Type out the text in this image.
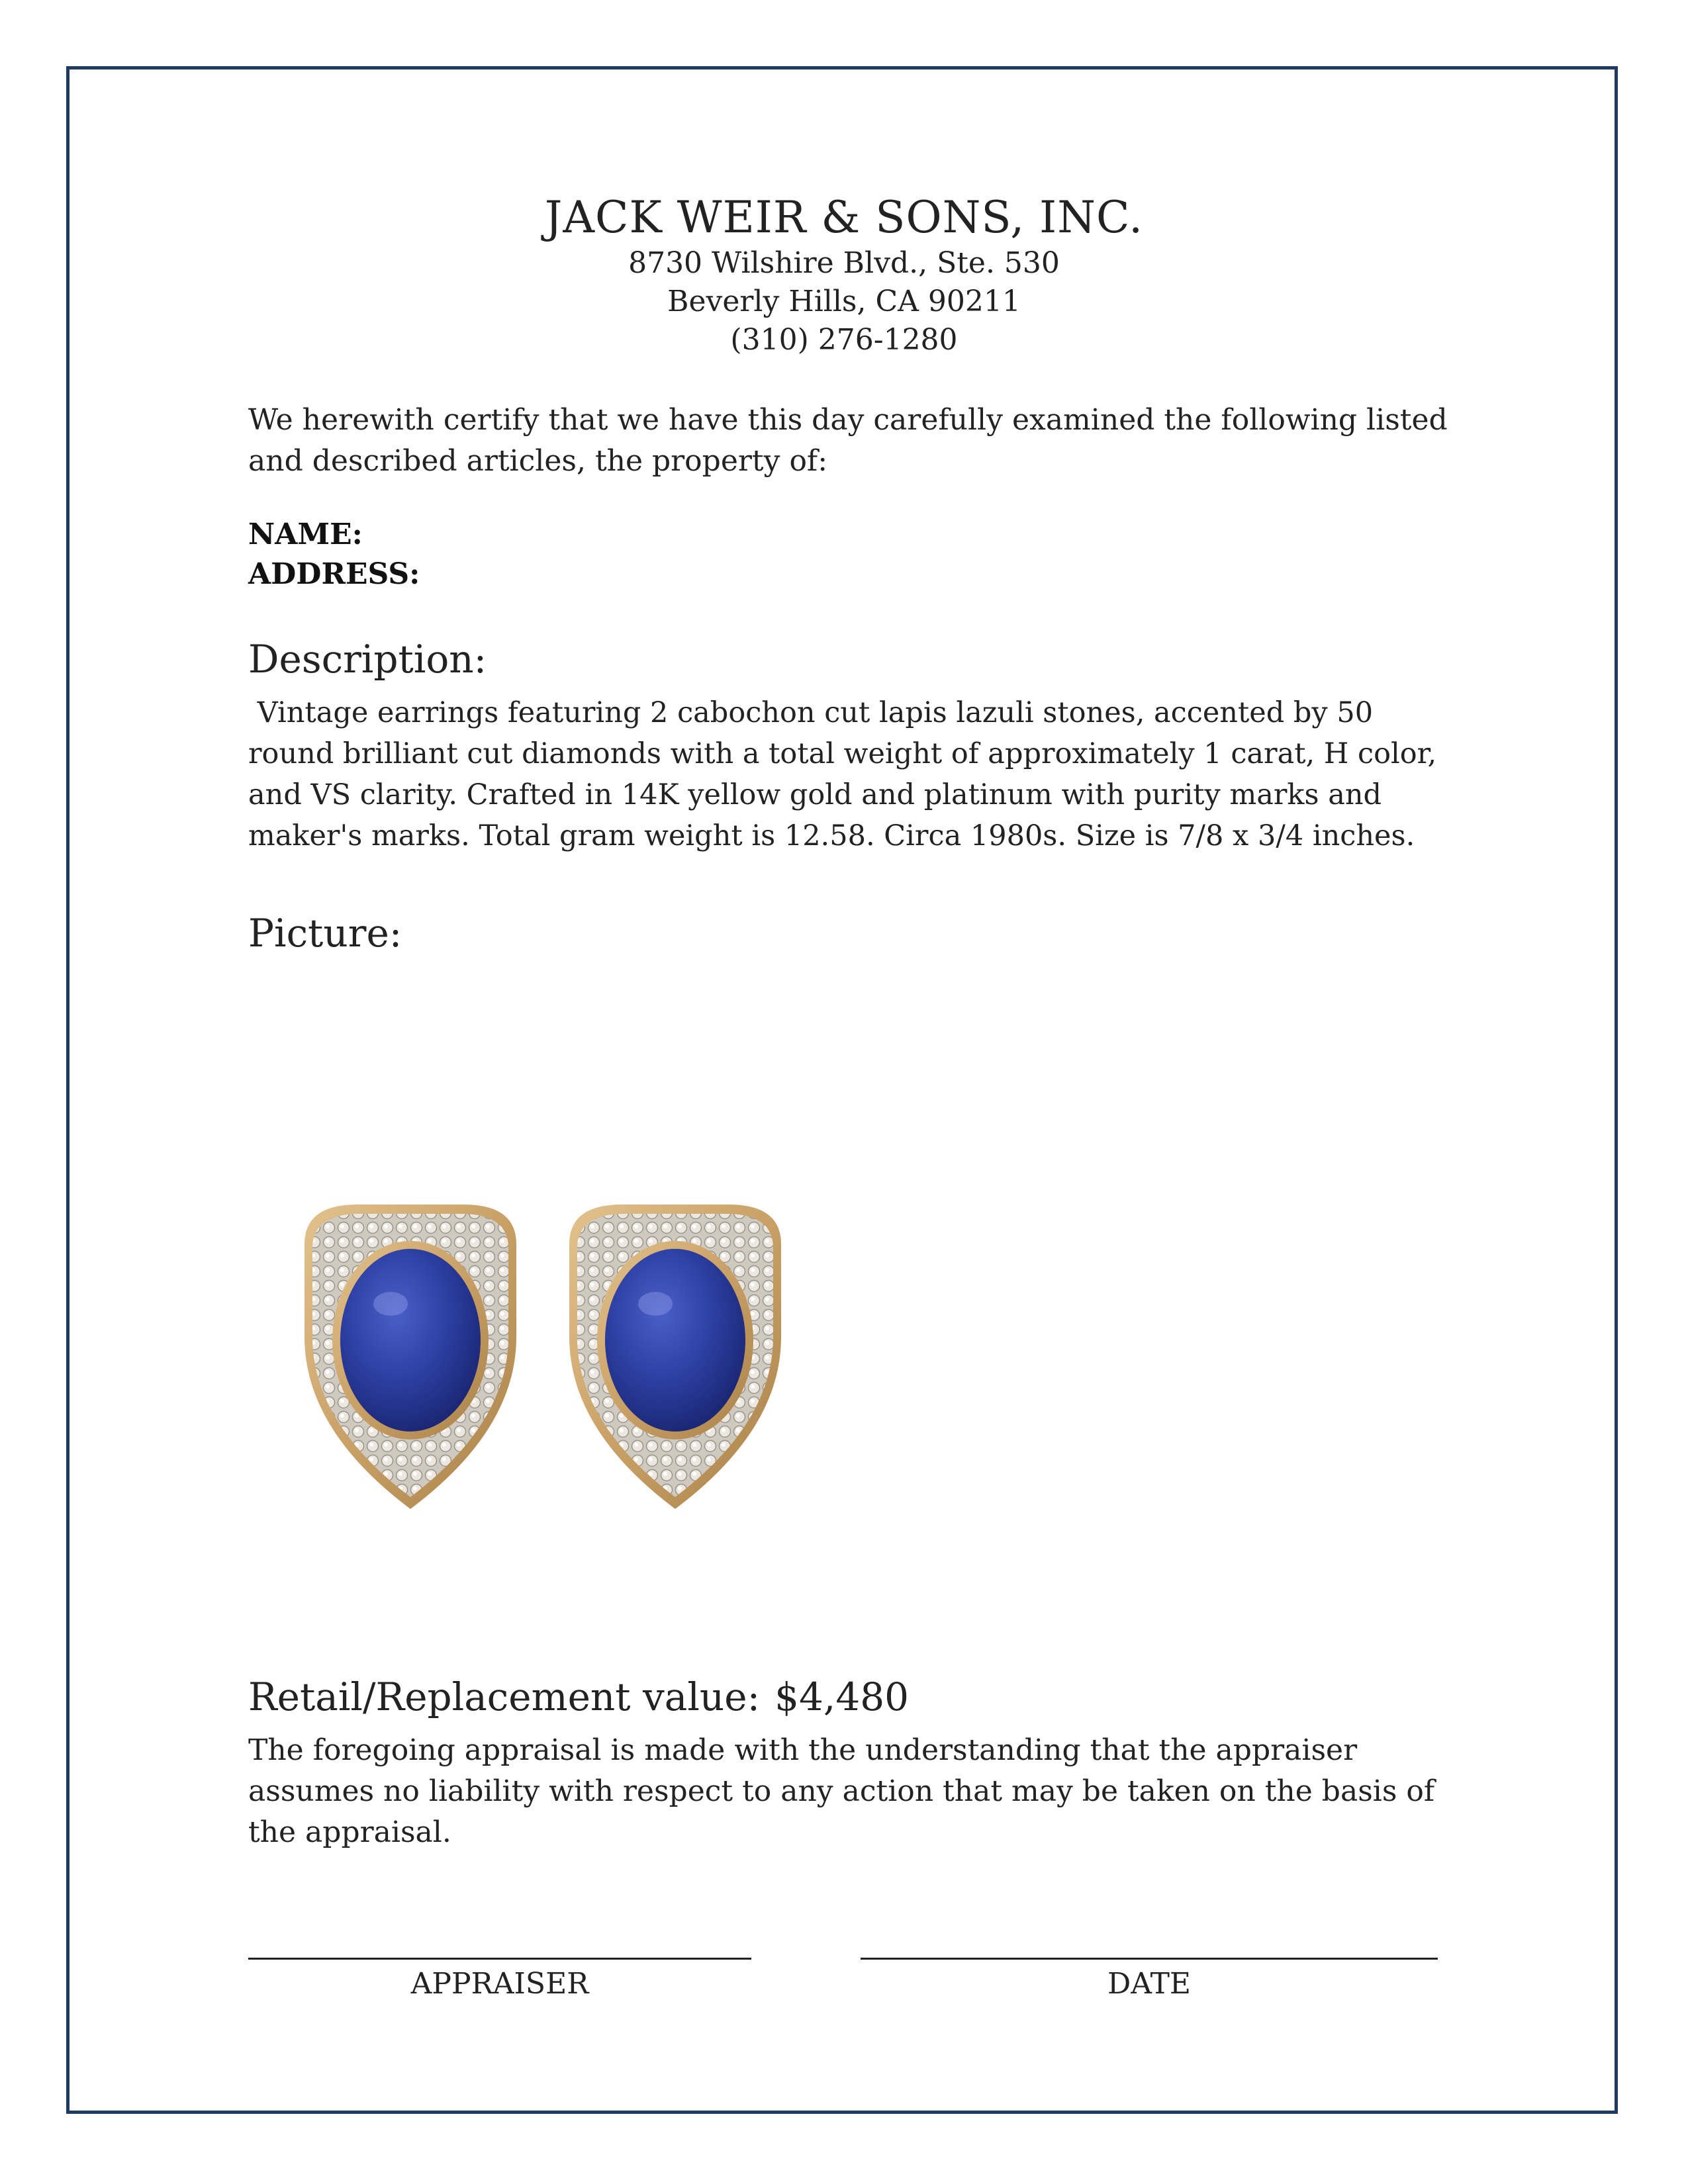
JACK WEIR & SONS, INC.
8730 Wilshire Blvd., Ste. 530
Beverly Hills, CA 90211
(310) 276-1280
We herewith certify that we have this day carefully examined the following listed and described articles, the property of:
NAME:
ADDRESS:
Description:
Vintage earrings featuring 2 cabochon cut lapis lazuli stones, accented by 50 round brilliant cut diamonds with a total weight of approximately 1 carat, H color, and VS clarity. Crafted in 14K yellow gold and platinum with purity marks and maker's marks. Total gram weight is 12.58. Circa 1980s. Size is 7/8 x 3/4 inches.
Picture:
Retail/Replacement value: $4,480
The foregoing appraisal is made with the understanding that the appraiser assumes no liability with respect to any action that may be taken on the basis of the appraisal.
APPRAISER	DATE
